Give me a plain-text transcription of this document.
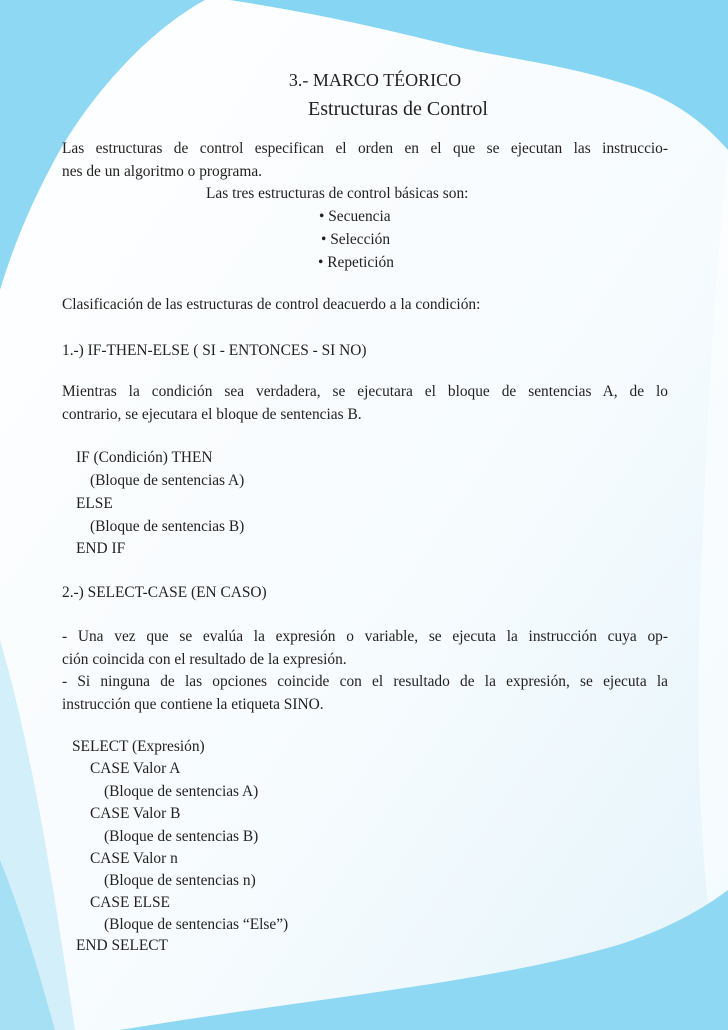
3.- MARCO TÉORICO
Estructuras de Control
Las estructuras de control especifican el orden en el que se ejecutan las instruccio-
nes de un algoritmo o programa.
Las tres estructuras de control básicas son:
• Secuencia
• Selección
• Repetición
Clasificación de las estructuras de control deacuerdo a la condición:
1.-) IF-THEN-ELSE ( SI - ENTONCES - SI NO)
Mientras la condición sea verdadera, se ejecutara el bloque de sentencias A, de lo
contrario, se ejecutara el bloque de sentencias B.
IF (Condición) THEN
(Bloque de sentencias A)
ELSE
(Bloque de sentencias B)
END IF
2.-) SELECT-CASE (EN CASO)
- Una vez que se evalúa la expresión o variable, se ejecuta la instrucción cuya op-
ción coincida con el resultado de la expresión.
- Si ninguna de las opciones coincide con el resultado de la expresión, se ejecuta la
instrucción que contiene la etiqueta SINO.
SELECT (Expresión)
CASE Valor A
(Bloque de sentencias A)
CASE Valor B
(Bloque de sentencias B)
CASE Valor n
(Bloque de sentencias n)
CASE ELSE
(Bloque de sentencias “Else”)
END SELECT
